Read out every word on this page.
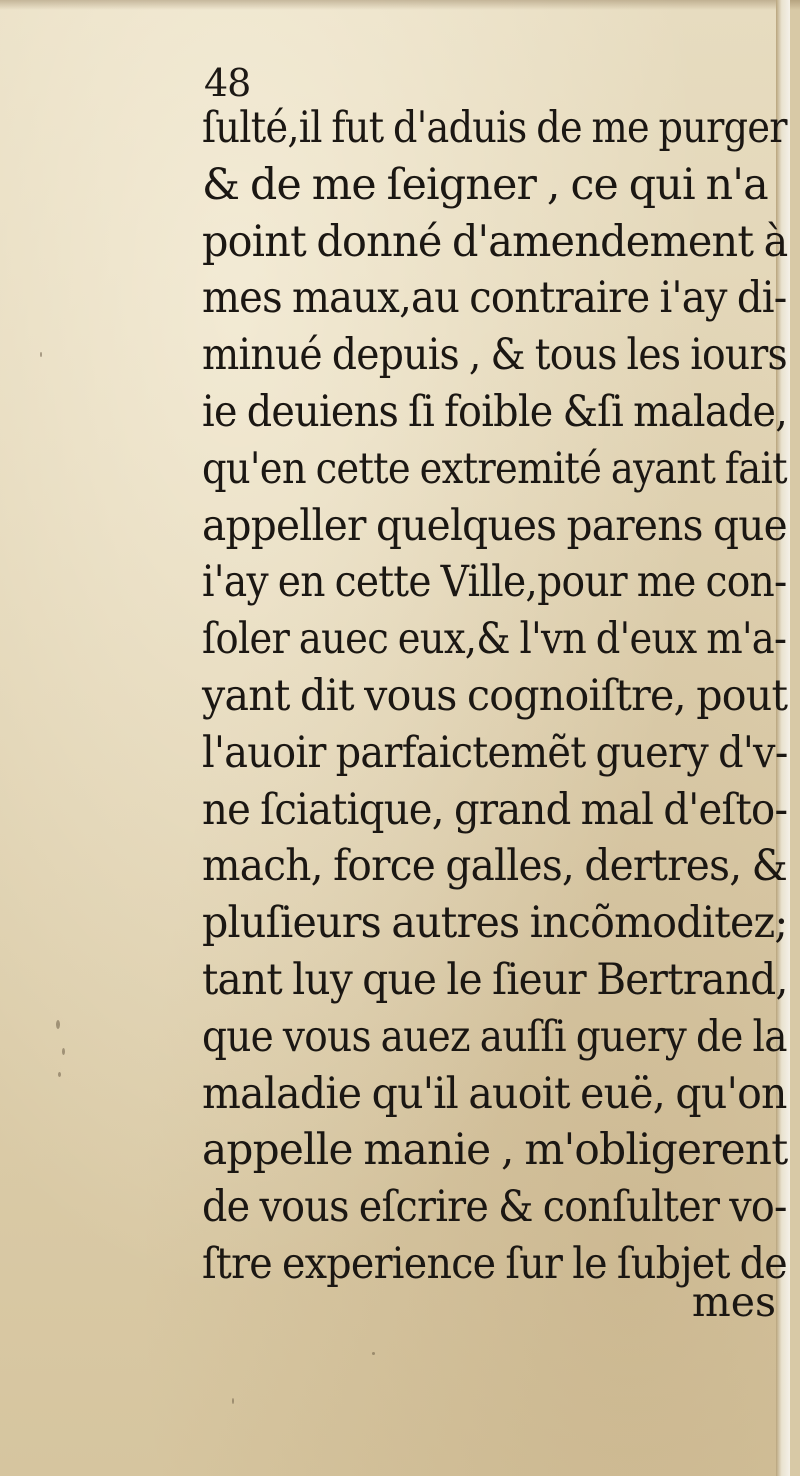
48
ſulté,il fut d'aduis de me purger
& de me ſeigner , ce qui n'a
point donné d'amendement à
mes maux,au contraire i'ay di-
minué depuis , & tous les iours
ie deuiens ſi foible &ſi malade,
qu'en cette extremité ayant fait
appeller quelques parens que
i'ay en cette Ville,pour me con-
ſoler auec eux,& l'vn d'eux m'a-
yant dit vous cognoiſtre, pout
l'auoir parfaictemẽt guery d'v-
ne ſciatique, grand mal d'eſto-
mach, force galles, dertres, &
pluſieurs autres incõmoditez;
tant luy que le ſieur Bertrand,
que vous auez auſſi guery de la
maladie qu'il auoit euë, qu'on
appelle manie , m'obligerent
de vous eſcrire & conſulter vo-
ſtre experience ſur le ſubjet de
mes
